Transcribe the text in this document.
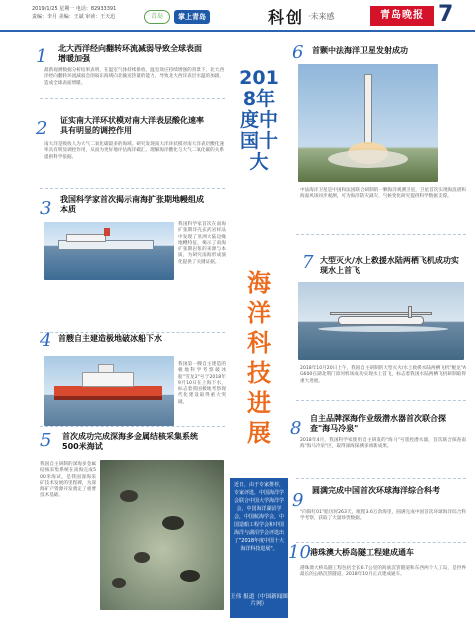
2019/1/25 星期一 电话：82933391
责编：李月 美编：王斌 审读：王天迅	青岛	掌上青岛	科创 ·未来感	青岛晚报 7
1 北大西洋经向翻转环流减弱导致全球表面增暖加强
最新观测数据分析结果表明，在温室气体持续排放、温室效应持续增强的背景下，北大西洋经向翻转环流减弱会削弱东海域向北输送热量的能力，导致北大西洋表层水温的加剧，造成全球表面增暖。
2 证实南大洋环状模对南大洋表层酸化速率具有明显的调控作用
南大洋是吸收人为大气二氧化碳最多的海域。研究发现南大洋环状模对南大洋表层酸化速率具有明显调控作用，从而为更好地评估海洋碳汇、理解海洋酸化与大气二氧化碳的关系提供科学依据。
3 我国科学家首次揭示南海扩张期地幔组成本质
我国科学家首次在南海扩张期洋壳玄武岩样品中发现了亚洲大陆边缘地幔特征，揭示了南海扩张期岩浆的来源与本质，为研究南海形成演化提供了关键证据。
4 首艘自主建造极地破冰船下水
我国第一艘自主建造的极地科学考察破冰船"雪龙2"号于2018年9月10日在上海下水，标志着我国极地考察现代化建设取得重大突破。
5 首次成功完成深海多金属结核采集系统500米海试
我国自主研制的深海多金属结核采集系统在南海完成500米海试，是我国深海采矿技术发展的里程碑，为深海矿产资源开发奠定了重要技术基础。
2018年度中国十大
海洋科技进展
近日，由于专家推荐，专家评选，中国海洋学会联合中国大学海洋学会，中国海洋湖沼学会，中国航海学会，中国造船工程学会和中国海洋与湖沼学会评选出了"2018年度中国十大海洋科技进展"。
王伟 报道（中国新闻图片网）
6 首颗中法海洋卫星发射成功
中法海洋卫星是中国和法国联合研制的一颗海洋观测卫星，卫星首次实现海浪谱和海面风场同步观测，可为海洋防灾减灾、气候变化研究提供科学数据支撑。
7 大型灭火/水上救援水陆两栖飞机成功实现水上首飞
2018年10月20日上午，我国自主研制的大型灭火/水上救援水陆两栖飞机"鲲龙"AG600在湖北荆门漳河机场成功实现水上首飞，标志着我国水陆两栖飞机研制取得重大进展。
8 自主品牌深海作业级潜水器首次联合探查"海马冷泉"
2018年4月，我国科学家使用自主研发的"海马"号遥控潜水器，首次联合探查南海"海马冷泉"区，取得深海探测多项新成果。
9 圆满完成中国首次环球海洋综合科考
"向阳红01"船历时263天，航程3.6万余海里，圆满完成中国首次环球海洋综合科学考察，获取了大量珍贵数据。
10 港珠澳大桥岛隧工程建成通车
港珠澳大桥岛隧工程包括全长6.7公里的海底沉管隧道和东西两个人工岛，是世界最长的公路沉管隧道，2018年10月正式建成通车。
